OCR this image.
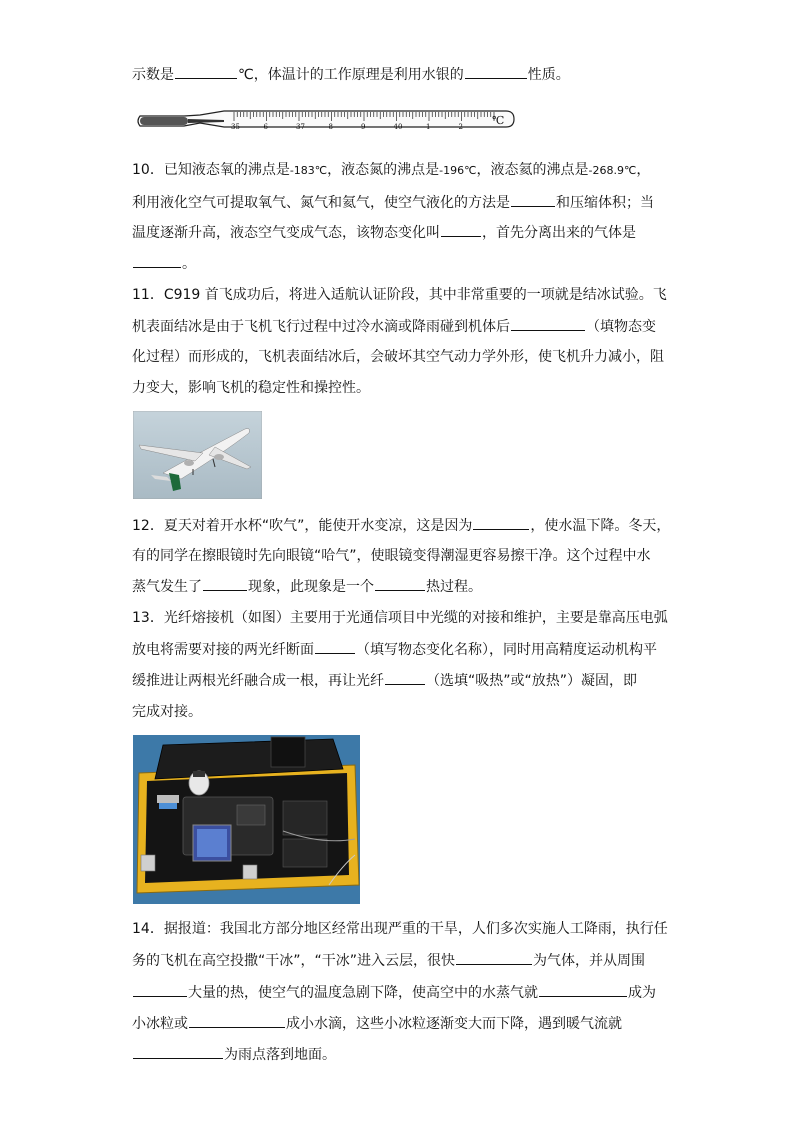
示数是	℃，体温计的工作原理是利用水银的	性质。
35	6	37	8	9	40	1	2	℃
10．已知液态氧的沸点是-183℃，液态氮的沸点是-196℃，液态氦的沸点是-268.9℃，
利用液化空气可提取氧气、氮气和氦气，使空气液化的方法是	和压缩体积；当
温度逐渐升高，液态空气变成气态，该物态变化叫	，首先分离出来的气体是
。
11．C919 首飞成功后，将进入适航认证阶段，其中非常重要的一项就是结冰试验。飞
机表面结冰是由于飞机飞行过程中过冷水滴或降雨碰到机体后	（填物态变
化过程）而形成的，飞机表面结冰后，会破坏其空气动力学外形，使飞机升力减小，阻
力变大，影响飞机的稳定性和操控性。
12．夏天对着开水杯“吹气”，能使开水变凉，这是因为	，使水温下降。冬天，
有的同学在擦眼镜时先向眼镜“哈气”，使眼镜变得潮湿更容易擦干净。这个过程中水
蒸气发生了	现象，此现象是一个	热过程。
13．光纤熔接机（如图）主要用于光通信项目中光缆的对接和维护，主要是靠高压电弧
放电将需要对接的两光纤断面	（填写物态变化名称），同时用高精度运动机构平
缓推进让两根光纤融合成一根，再让光纤	（选填“吸热”或“放热”）凝固，即
完成对接。
14．据报道：我国北方部分地区经常出现严重的干旱，人们多次实施人工降雨，执行任
务的飞机在高空投撒“干冰”，“干冰”进入云层，很快	为气体，并从周围
大量的热，使空气的温度急剧下降，使高空中的水蒸气就	成为
小冰粒或	成小水滴，这些小冰粒逐渐变大而下降，遇到暖气流就
为雨点落到地面。
